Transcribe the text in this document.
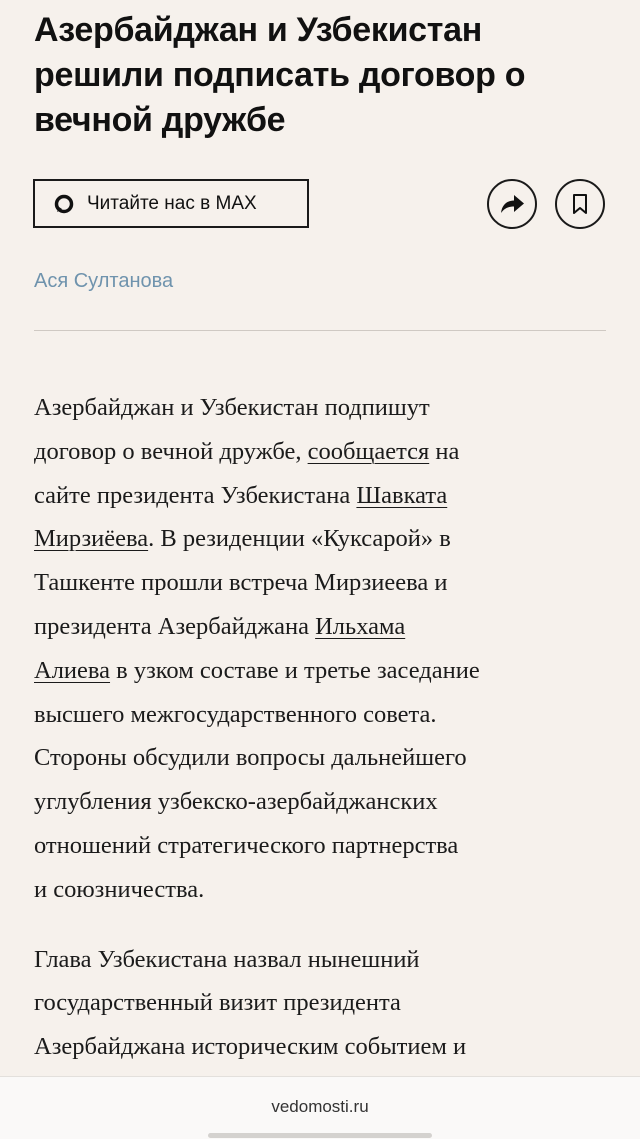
Азербайджан и Узбекистан
решили подписать договор о
вечной дружбе
Читайте нас в MAX
Ася Султанова

Азербайджан и Узбекистан подпишут
договор о вечной дружбе, сообщается на
сайте президента Узбекистана Шавката
Мирзиёева. В резиденции «Куксарой» в
Ташкенте прошли встреча Мирзиеева и
президента Азербайджана Ильхама
Алиева в узком составе и третье заседание
высшего межгосударственного совета.
Стороны обсудили вопросы дальнейшего
углубления узбекско-азербайджанских
отношений стратегического партнерства
и союзничества.

Глава Узбекистана назвал нынешний
государственный визит президента
Азербайджана историческим событием и

vedomosti.ru
